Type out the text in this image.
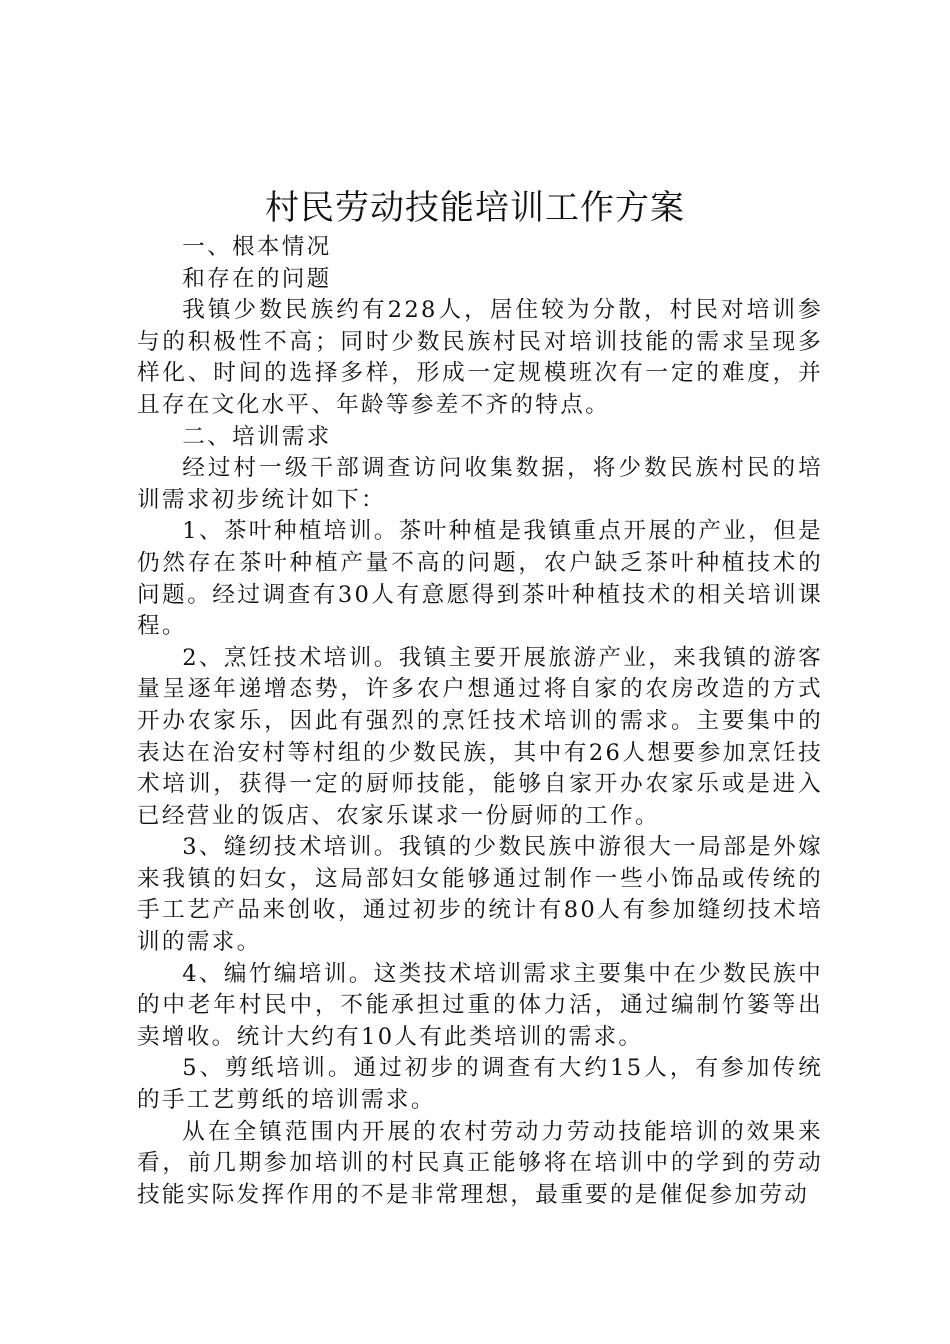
村民劳动技能培训工作方案

一、根本情况

和存在的问题

我镇少数民族约有228人，居住较为分散，村民对培训参与的积极性不高；同时少数民族村民对培训技能的需求呈现多样化、时间的选择多样，形成一定规模班次有一定的难度，并且存在文化水平、年龄等参差不齐的特点。

二、培训需求

经过村一级干部调查访问收集数据，将少数民族村民的培训需求初步统计如下：

1、茶叶种植培训。茶叶种植是我镇重点开展的产业，但是仍然存在茶叶种植产量不高的问题，农户缺乏茶叶种植技术的问题。经过调查有30人有意愿得到茶叶种植技术的相关培训课程。

2、烹饪技术培训。我镇主要开展旅游产业，来我镇的游客量呈逐年递增态势，许多农户想通过将自家的农房改造的方式开办农家乐，因此有强烈的烹饪技术培训的需求。主要集中的表达在治安村等村组的少数民族，其中有26人想要参加烹饪技术培训，获得一定的厨师技能，能够自家开办农家乐或是进入已经营业的饭店、农家乐谋求一份厨师的工作。

3、缝纫技术培训。我镇的少数民族中游很大一局部是外嫁来我镇的妇女，这局部妇女能够通过制作一些小饰品或传统的手工艺产品来创收，通过初步的统计有80人有参加缝纫技术培训的需求。

4、编竹编培训。这类技术培训需求主要集中在少数民族中的中老年村民中，不能承担过重的体力活，通过编制竹篓等出卖增收。统计大约有10人有此类培训的需求。

5、剪纸培训。通过初步的调查有大约15人，有参加传统的手工艺剪纸的培训需求。

从在全镇范围内开展的农村劳动力劳动技能培训的效果来看，前几期参加培训的村民真正能够将在培训中的学到的劳动技能实际发挥作用的不是非常理想，最重要的是催促参加劳动
